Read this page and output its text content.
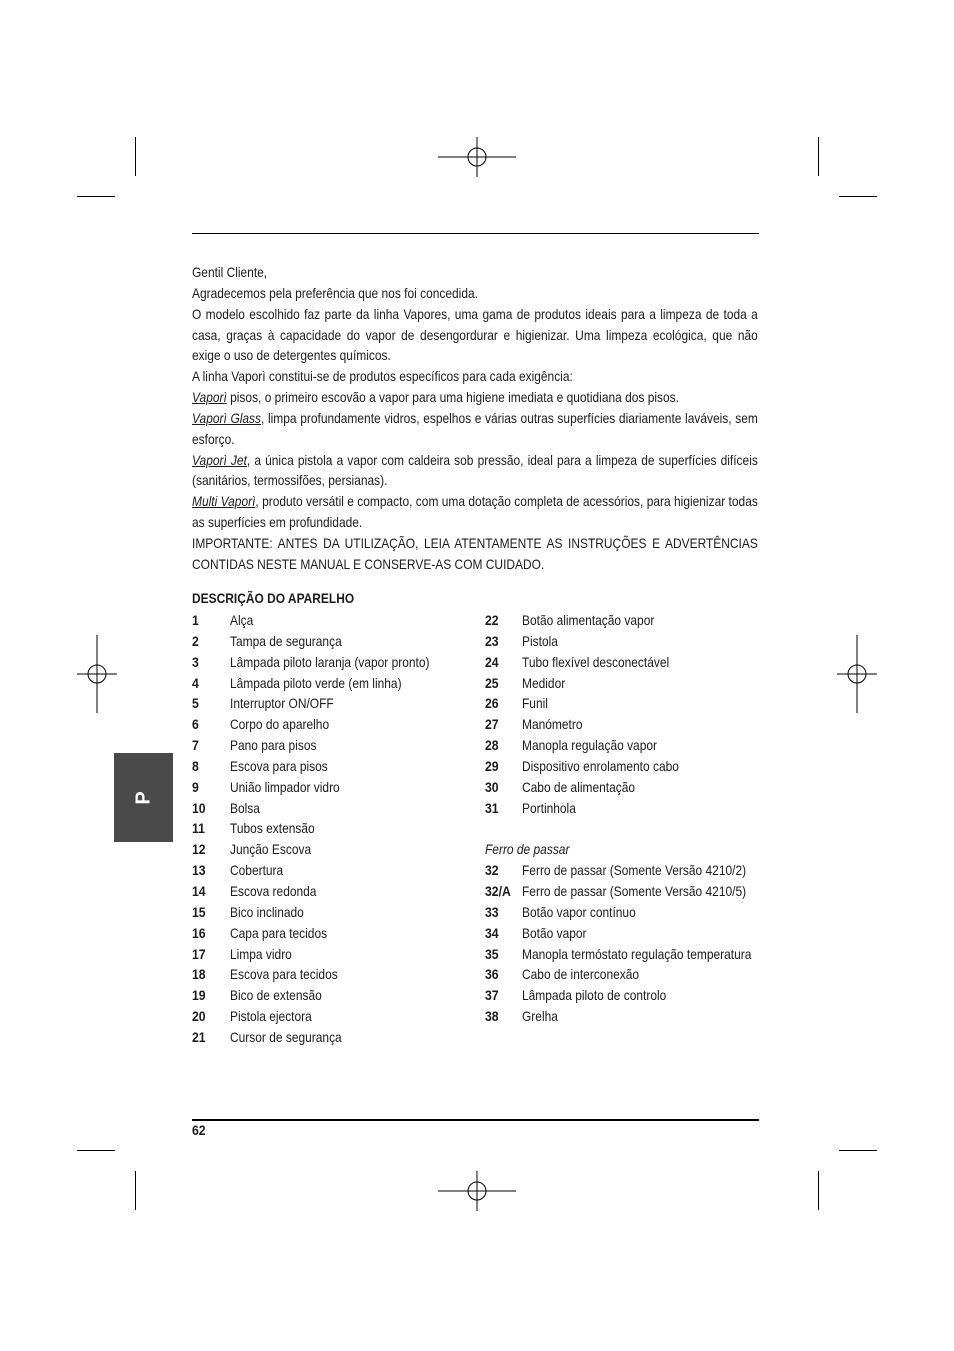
Gentil Cliente,

Agradecemos pela preferência que nos foi concedida.

O modelo escolhido faz parte da linha Vapores, uma gama de produtos ideais para a limpeza de toda a casa, graças à capacidade do vapor de desengordurar e higienizar. Uma limpeza ecológica, que não exige o uso de detergentes químicos.

A linha Vaporì constitui-se de produtos específicos para cada exigência:

Vaporì pisos, o primeiro escovão a vapor para uma higiene imediata e quotidiana dos pisos.

Vaporì Glass, limpa profundamente vidros, espelhos e várias outras superfícies diariamente laváveis, sem esforço.

Vaporì Jet, a única pistola a vapor com caldeira sob pressão, ideal para a limpeza de superfícies difíceis (sanitários, termossifões, persianas).

Multi Vaporì, produto versátil e compacto, com uma dotação completa de acessórios, para higienizar todas as superfícies em profundidade.

IMPORTANTE: ANTES DA UTILIZAÇÃO, LEIA ATENTAMENTE AS INSTRUÇÕES E ADVERTÊNCIAS CONTIDAS NESTE MANUAL E CONSERVE-AS COM CUIDADO.

DESCRIÇÃO DO APARELHO
1 Alça
2 Tampa de segurança
3 Lâmpada piloto laranja (vapor pronto)
4 Lâmpada piloto verde (em linha)
5 Interruptor ON/OFF
6 Corpo do aparelho
7 Pano para pisos
8 Escova para pisos
9 União limpador vidro
10 Bolsa
11 Tubos extensão
12 Junção Escova
13 Cobertura
14 Escova redonda
15 Bico inclinado
16 Capa para tecidos
17 Limpa vidro
18 Escova para tecidos
19 Bico de extensão
20 Pistola ejectora
21 Cursor de segurança
22 Botão alimentação vapor
23 Pistola
24 Tubo flexível desconectável
25 Medidor
26 Funil
27 Manómetro
28 Manopla regulação vapor
29 Dispositivo enrolamento cabo
30 Cabo de alimentação
31 Portinhola
Ferro de passar
32 Ferro de passar (Somente Versão 4210/2)
32/A Ferro de passar (Somente Versão 4210/5)
33 Botão vapor contínuo
34 Botão vapor
35 Manopla termóstato regulação temperatura
36 Cabo de interconexão
37 Lâmpada piloto de controlo
38 Grelha
P
62
